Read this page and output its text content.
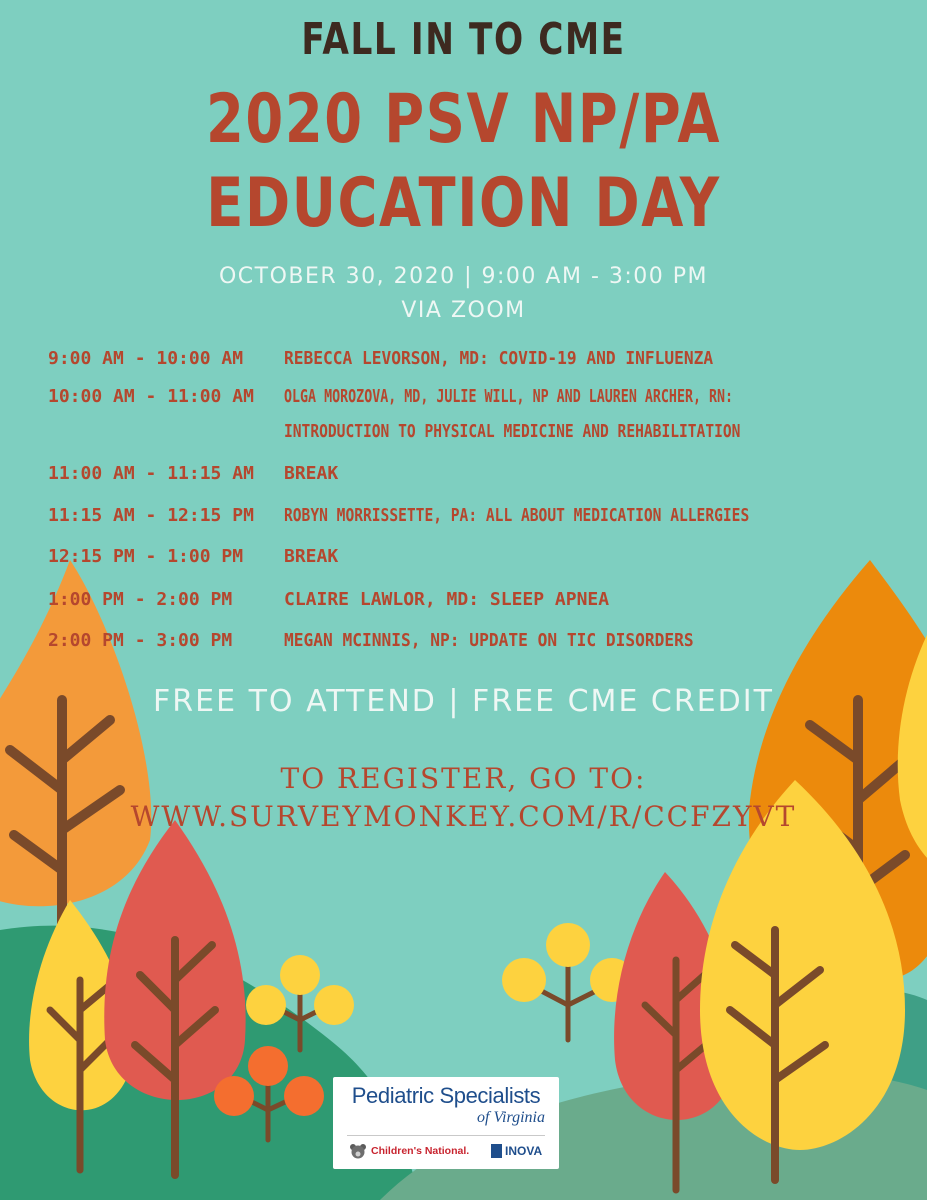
FALL IN TO CME
2020 PSV NP/PA
EDUCATION DAY
OCTOBER 30, 2020 | 9:00 AM - 3:00 PM
VIA ZOOM
9:00 AM - 10:00 AM REBECCA LEVORSON, MD: COVID-19 AND INFLUENZA
10:00 AM - 11:00 AM OLGA MOROZOVA, MD, JULIE WILL, NP AND LAUREN ARCHER, RN:
INTRODUCTION TO PHYSICAL MEDICINE AND REHABILITATION
11:00 AM - 11:15 AM BREAK
11:15 AM - 12:15 PM ROBYN MORRISSETTE, PA: ALL ABOUT MEDICATION ALLERGIES
12:15 PM - 1:00 PM BREAK
1:00 PM - 2:00 PM	CLAIRE LAWLOR, MD: SLEEP APNEA
2:00 PM - 3:00 PM	MEGAN MCINNIS, NP: UPDATE ON TIC DISORDERS
FREE TO ATTEND | FREE CME CREDIT
TO REGISTER, GO TO:
WWW.SURVEYMONKEY.COM/R/CCFZYVT
Pediatric Specialists
of Virginia
Children's National.	INOVA
